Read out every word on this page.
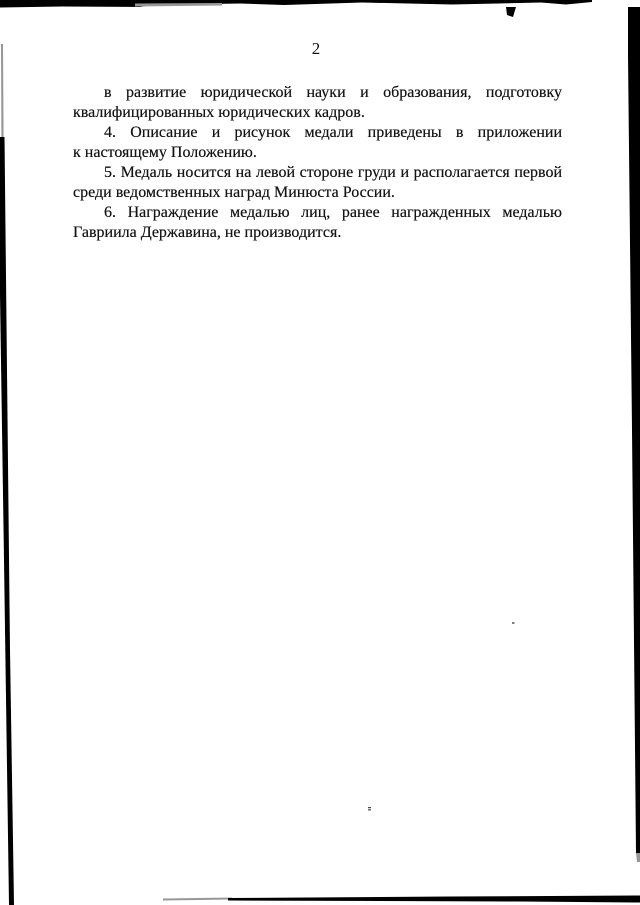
2
в развитие юридической науки и образования, подготовку
квалифицированных юридических кадров.
4. Описание и рисунок медали приведены в приложении
к настоящему Положению.
5. Медаль носится на левой стороне груди и располагается первой
среди ведомственных наград Минюста России.
6. Награждение медалью лиц, ранее награжденных медалью
Гавриила Державина, не производится.
